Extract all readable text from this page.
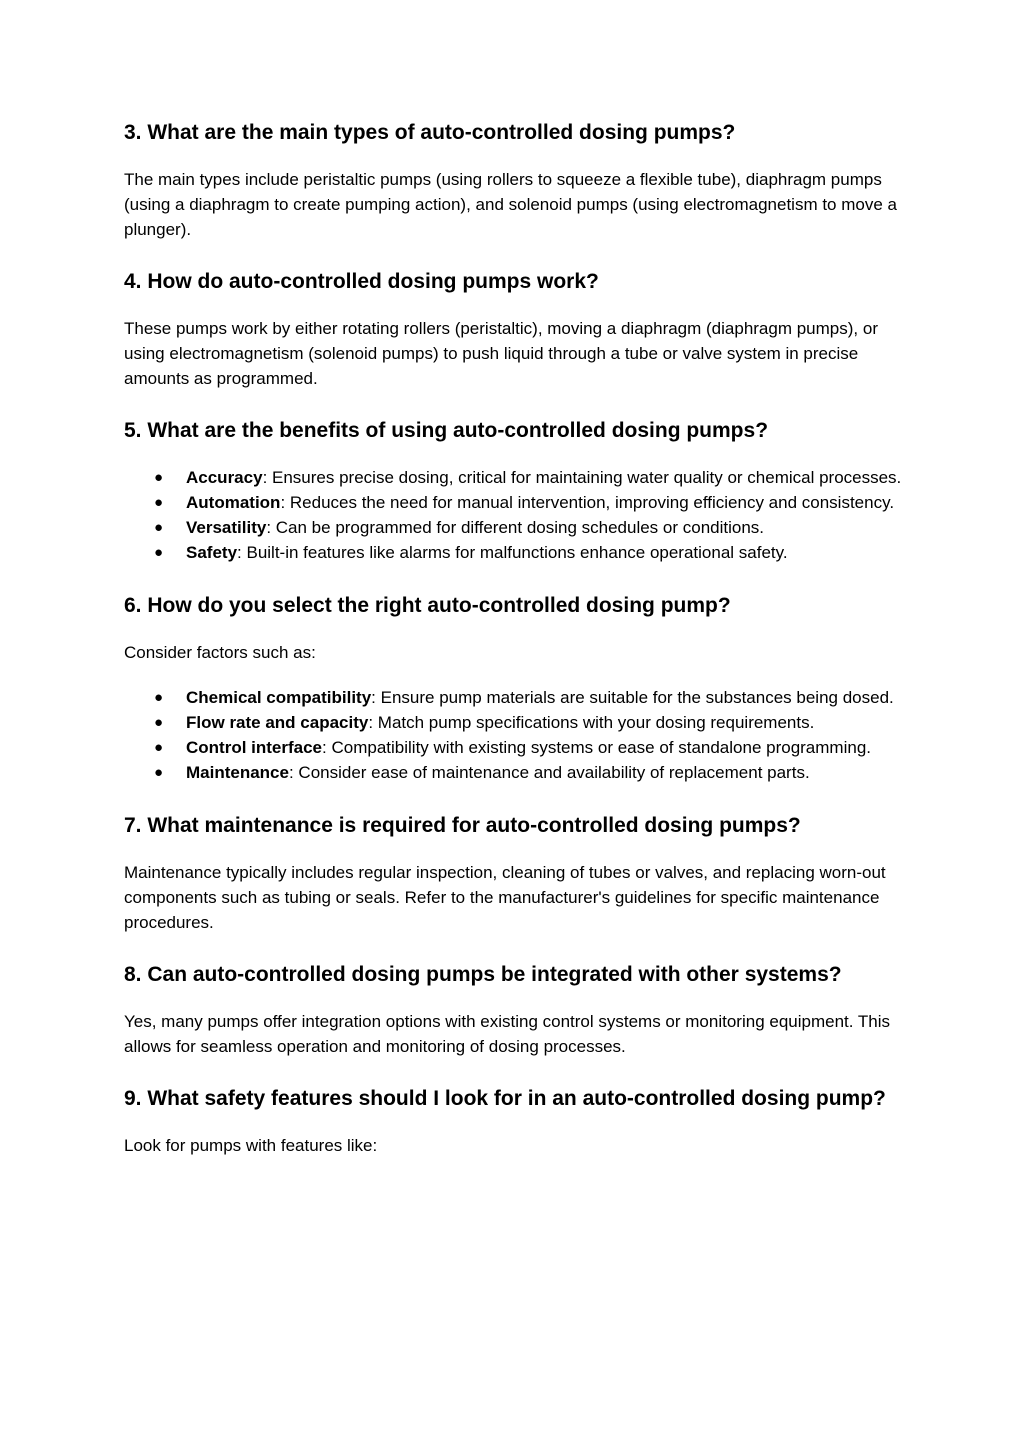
3. What are the main types of auto-controlled dosing pumps?

The main types include peristaltic pumps (using rollers to squeeze a flexible tube), diaphragm pumps (using a diaphragm to create pumping action), and solenoid pumps (using electromagnetism to move a plunger).

4. How do auto-controlled dosing pumps work?

These pumps work by either rotating rollers (peristaltic), moving a diaphragm (diaphragm pumps), or using electromagnetism (solenoid pumps) to push liquid through a tube or valve system in precise amounts as programmed.

5. What are the benefits of using auto-controlled dosing pumps?
● Accuracy: Ensures precise dosing, critical for maintaining water quality or chemical processes.
● Automation: Reduces the need for manual intervention, improving efficiency and consistency.
● Versatility: Can be programmed for different dosing schedules or conditions.
● Safety: Built-in features like alarms for malfunctions enhance operational safety.
6. How do you select the right auto-controlled dosing pump?

Consider factors such as:

● Chemical compatibility: Ensure pump materials are suitable for the substances being dosed.
● Flow rate and capacity: Match pump specifications with your dosing requirements.
● Control interface: Compatibility with existing systems or ease of standalone programming.
● Maintenance: Consider ease of maintenance and availability of replacement parts.
7. What maintenance is required for auto-controlled dosing pumps?

Maintenance typically includes regular inspection, cleaning of tubes or valves, and replacing worn-out components such as tubing or seals. Refer to the manufacturer's guidelines for specific maintenance procedures.

8. Can auto-controlled dosing pumps be integrated with other systems?

Yes, many pumps offer integration options with existing control systems or monitoring equipment. This allows for seamless operation and monitoring of dosing processes.

9. What safety features should I look for in an auto-controlled dosing pump?

Look for pumps with features like:
